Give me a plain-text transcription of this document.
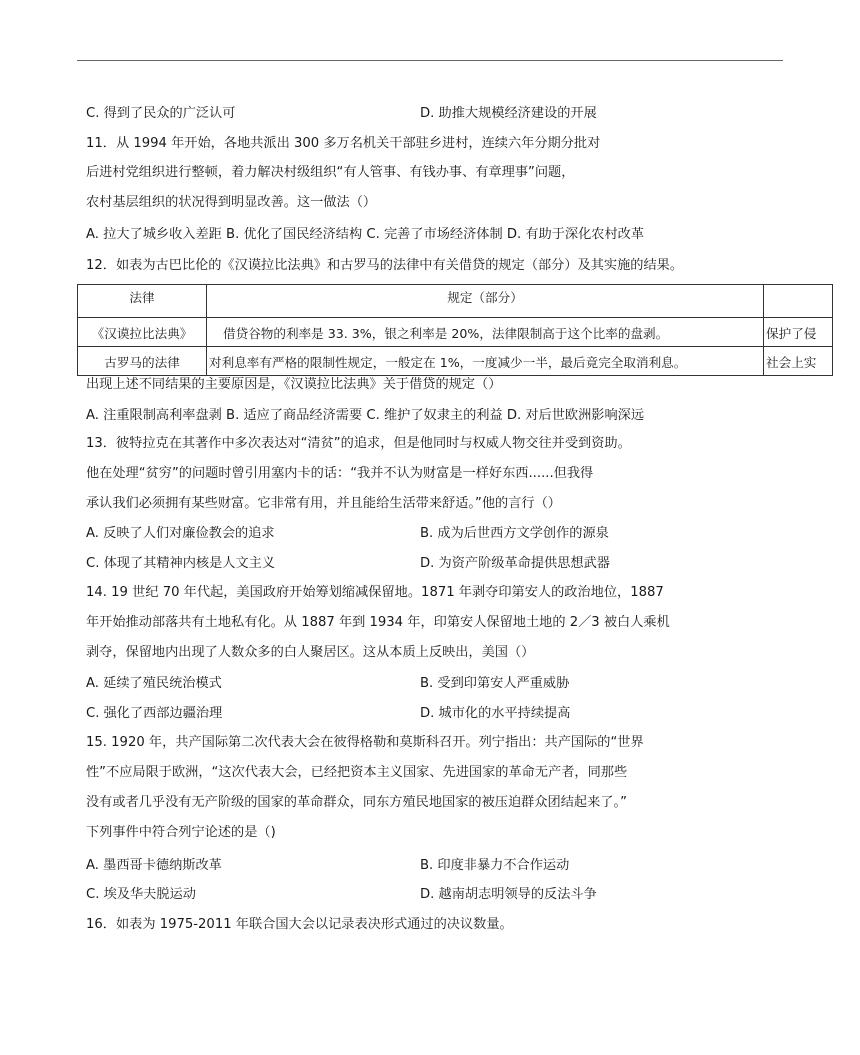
C. 得到了民众的广泛认可	D. 助推大规模经济建设的开展
11．从 1994 年开始，各地共派出 300 多万名机关干部驻乡进村，连续六年分期分批对
后进村党组织进行整顿，着力解决村级组织“有人管事、有钱办事、有章理事”问题，
农村基层组织的状况得到明显改善。这一做法（）
A. 拉大了城乡收入差距 B. 优化了国民经济结构 C. 完善了市场经济体制 D. 有助于深化农村改革
12．如表为古巴比伦的《汉谟拉比法典》和古罗马的法律中有关借贷的规定（部分）及其实施的结果。
法律	规定（部分）	
《汉谟拉比法典》	借贷谷物的利率是 33. 3%，银之利率是 20%，法律限制高于这个比率的盘剥。	保护了侵
古罗马的法律	对利息率有严格的限制性规定，一般定在 1%，一度减少一半，最后竟完全取消利息。	社会上实
出现上述不同结果的主要原因是，《汉谟拉比法典》关于借贷的规定（）
A. 注重限制高利率盘剥 B. 适应了商品经济需要 C. 维护了奴隶主的利益 D. 对后世欧洲影响深远
13．彼特拉克在其著作中多次表达对“清贫”的追求，但是他同时与权威人物交往并受到资助。
他在处理“贫穷”的问题时曾引用塞内卡的话：“我并不认为财富是一样好东西......但我得
承认我们必须拥有某些财富。它非常有用，并且能给生活带来舒适。”他的言行（）
A. 反映了人们对廉俭教会的追求	B. 成为后世西方文学创作的源泉
C. 体现了其精神内核是人文主义	D. 为资产阶级革命提供思想武器
14. 19 世纪 70 年代起，美国政府开始筹划缩减保留地。1871 年剥夺印第安人的政治地位，1887
年开始推动部落共有土地私有化。从 1887 年到 1934 年，印第安人保留地土地的 2／3 被白人乘机
剥夺，保留地内出现了人数众多的白人聚居区。这从本质上反映出，美国（）
A. 延续了殖民统治模式	B. 受到印第安人严重威胁
C. 强化了西部边疆治理	D. 城市化的水平持续提高
15. 1920 年，共产国际第二次代表大会在彼得格勒和莫斯科召开。列宁指出：共产国际的“世界
性”不应局限于欧洲，“这次代表大会，已经把资本主义国家、先进国家的革命无产者，同那些
没有或者几乎没有无产阶级的国家的革命群众，同东方殖民地国家的被压迫群众团结起来了。”
下列事件中符合列宁论述的是（)
A. 墨西哥卡德纳斯改革	B. 印度非暴力不合作运动
C. 埃及华夫脱运动	D. 越南胡志明领导的反法斗争
16．如表为 1975-2011 年联合国大会以记录表决形式通过的决议数量。
